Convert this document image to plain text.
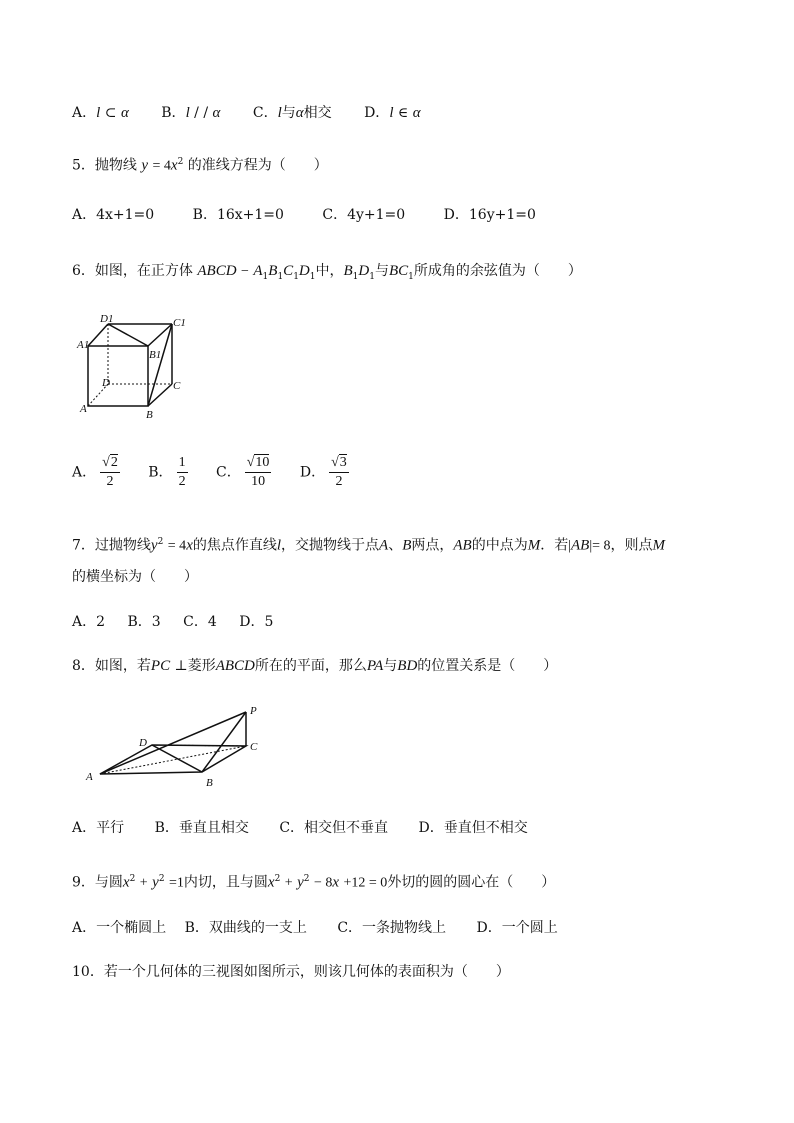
A．l ⊂ α B．l / / α C．l与α相交 D．l ∈ α
5．抛物线 $y = 4x^2$ 的准线方程为（　　）
A．4x+1=0	B．16x+1=0	C．4y+1=0	D．16y+1=0
6．如图，在正方体 ABCD − $A_1B_1C_1D_1$中，$B_1D_1$与$BC_1$所成角的余弦值为（　　）
D1	C1
A1
B1
D	C
A	B
A． $\frac{√2}{2}$ B． $\frac{1}{2}$ C． $\frac{√10}{10}$ D． $\frac{√3}{2}$
7．过抛物线$y^2 = 4x$的焦点作直线l，交抛物线于点A、B两点，AB的中点为M．若|AB|= 8，则点M
的横坐标为（　　）
A．2 B．3 C．4 D．5
8．如图，若PC ⊥菱形ABCD所在的平面，那么PA与BD的位置关系是（　　）
P
D	C
A	B
A．平行 B．垂直且相交 C．相交但不垂直 D．垂直但不相交
9．与圆$x^2 + y^2 =1$内切，且与圆$x^2 + y^2 - 8x +12 = 0$外切的圆的圆心在（　　）
A．一个椭圆上 B．双曲线的一支上 C．一条抛物线上 D．一个圆上
10．若一个几何体的三视图如图所示，则该几何体的表面积为（　　）
